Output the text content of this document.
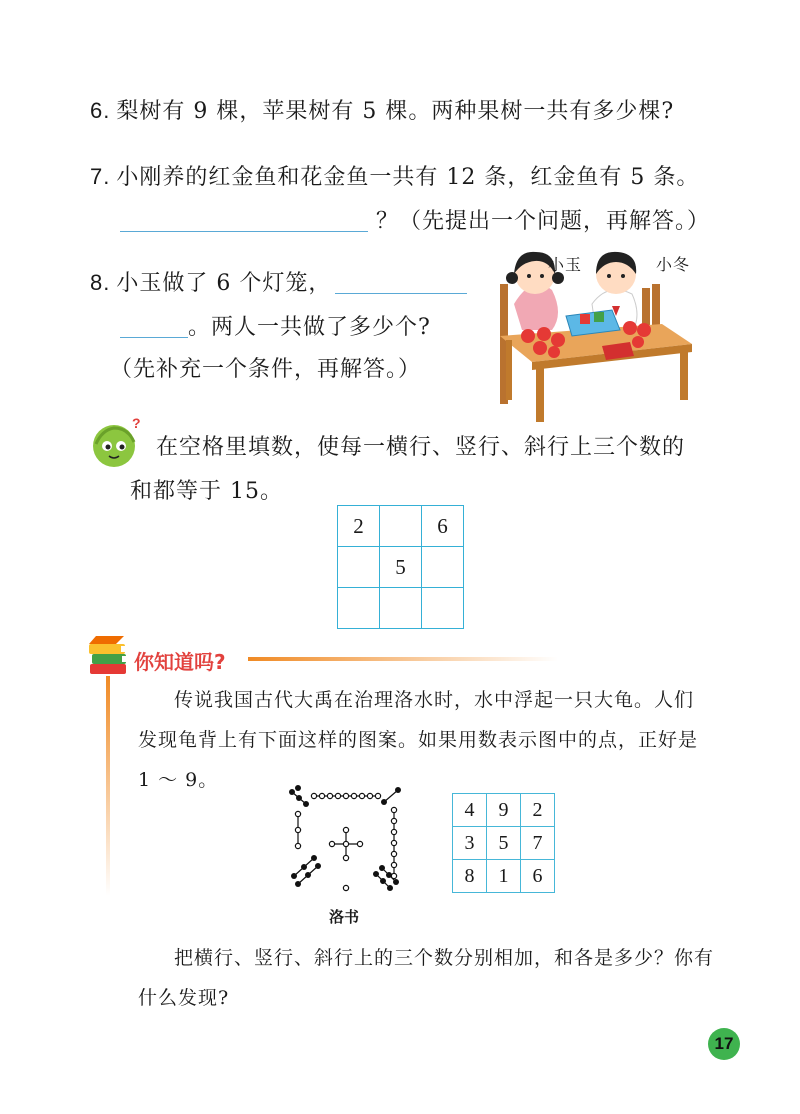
6. 梨树有 9 棵，苹果树有 5 棵。两种果树一共有多少棵?
7. 小刚养的红金鱼和花金鱼一共有 12 条，红金鱼有 5 条。
？（先提出一个问题，再解答。）
8. 小玉做了 6 个灯笼，
。两人一共做了多少个?
（先补充一个条件，再解答。）
小玉	小冬
?
在空格里填数，使每一横行、竖行、斜行上三个数的
和都等于 15。
2		6
	5	

你知道吗?
传说我国古代大禹在治理洛水时，水中浮起一只大龟。人们
发现龟背上有下面这样的图案。如果用数表示图中的点，正好是
1 ～ 9。
洛书
4	9	2
3	5	7
8	1	6
把横行、竖行、斜行上的三个数分别相加，和各是多少？你有
什么发现?
17
